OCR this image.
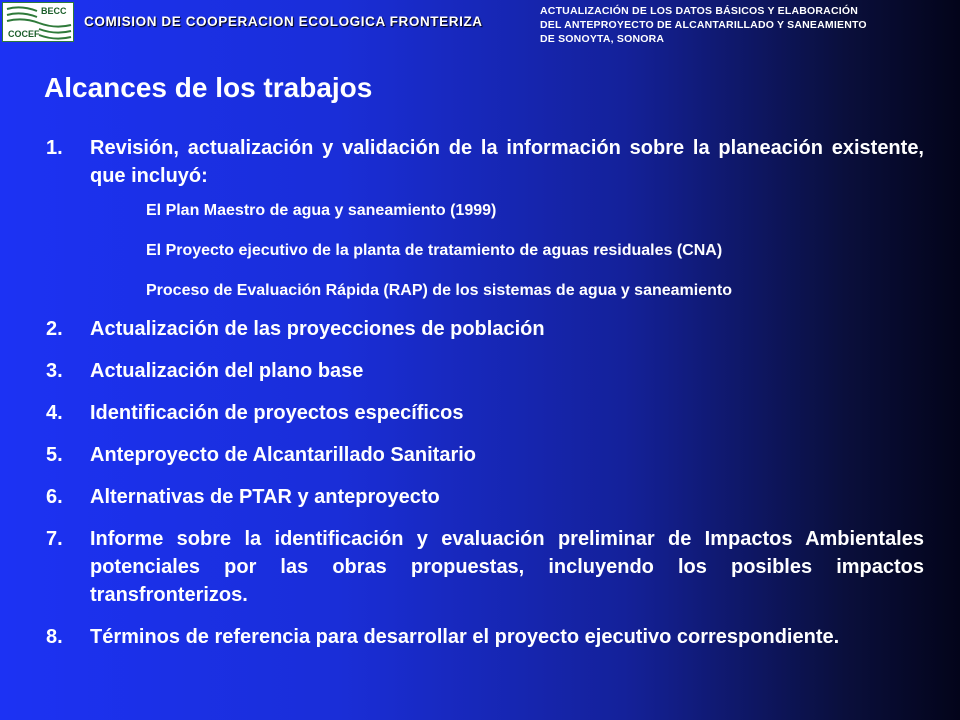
BECC
COCEF
COMISION DE COOPERACION ECOLOGICA FRONTERIZA
ACTUALIZACIÓN DE LOS DATOS BÁSICOS Y ELABORACIÓN
DEL ANTEPROYECTO DE ALCANTARILLADO Y SANEAMIENTO
DE SONOYTA, SONORA
Alcances de los trabajos
1. Revisión, actualización y validación de la información sobre la planeación existente, que incluyó:
El Plan Maestro de agua y saneamiento (1999)
El Proyecto ejecutivo de la planta de tratamiento de aguas residuales (CNA)
Proceso de Evaluación Rápida (RAP) de los sistemas de agua y saneamiento
2. Actualización de las proyecciones de población
3. Actualización del plano base
4. Identificación de proyectos específicos
5. Anteproyecto de Alcantarillado Sanitario
6. Alternativas de PTAR y anteproyecto
7. Informe sobre la identificación y evaluación preliminar de Impactos Ambientales potenciales por las obras propuestas, incluyendo los posibles impactos transfronterizos.
8. Términos de referencia para desarrollar el proyecto ejecutivo correspondiente.
